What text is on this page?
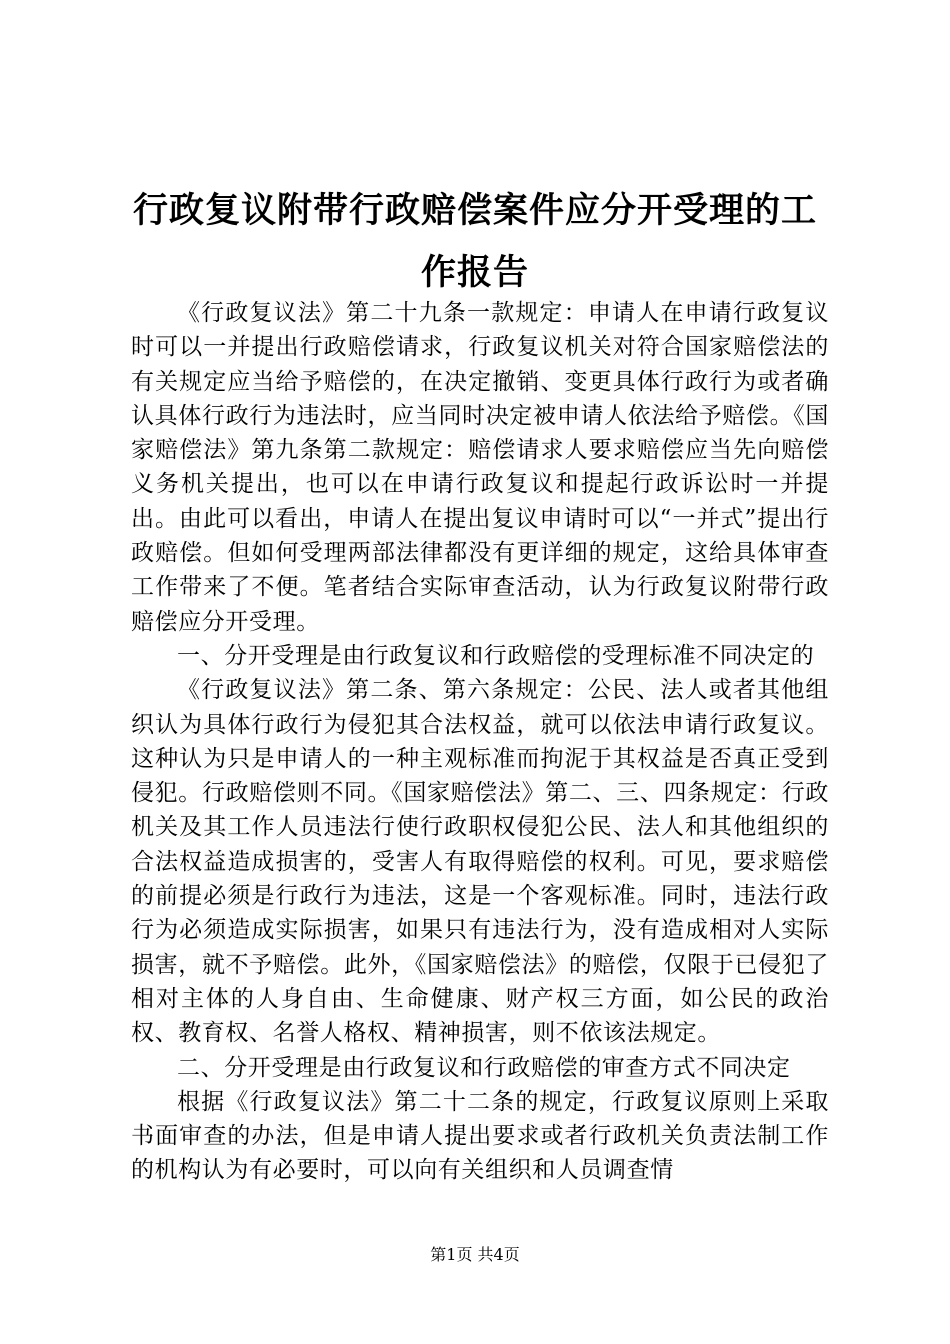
行政复议附带行政赔偿案件应分开受理的工作报告

《行政复议法》第二十九条一款规定：申请人在申请行政复议时可以一并提出行政赔偿请求，行政复议机关对符合国家赔偿法的有关规定应当给予赔偿的，在决定撤销、变更具体行政行为或者确认具体行政行为违法时，应当同时决定被申请人依法给予赔偿。《国家赔偿法》第九条第二款规定：赔偿请求人要求赔偿应当先向赔偿义务机关提出，也可以在申请行政复议和提起行政诉讼时一并提出。由此可以看出，申请人在提出复议申请时可以“一并式”提出行政赔偿。但如何受理两部法律都没有更详细的规定，这给具体审查工作带来了不便。笔者结合实际审查活动，认为行政复议附带行政赔偿应分开受理。

一、分开受理是由行政复议和行政赔偿的受理标准不同决定的

《行政复议法》第二条、第六条规定：公民、法人或者其他组织认为具体行政行为侵犯其合法权益，就可以依法申请行政复议。这种认为只是申请人的一种主观标准而拘泥于其权益是否真正受到侵犯。行政赔偿则不同。《国家赔偿法》第二、三、四条规定：行政机关及其工作人员违法行使行政职权侵犯公民、法人和其他组织的合法权益造成损害的，受害人有取得赔偿的权利。可见，要求赔偿的前提必须是行政行为违法，这是一个客观标准。同时，违法行政行为必须造成实际损害，如果只有违法行为，没有造成相对人实际损害，就不予赔偿。此外，《国家赔偿法》的赔偿，仅限于已侵犯了相对主体的人身自由、生命健康、财产权三方面，如公民的政治权、教育权、名誉人格权、精神损害，则不依该法规定。

二、分开受理是由行政复议和行政赔偿的审查方式不同决定

根据《行政复议法》第二十二条的规定，行政复议原则上采取书面审查的办法，但是申请人提出要求或者行政机关负责法制工作的机构认为有必要时，可以向有关组织和人员调查情

第1页 共4页
